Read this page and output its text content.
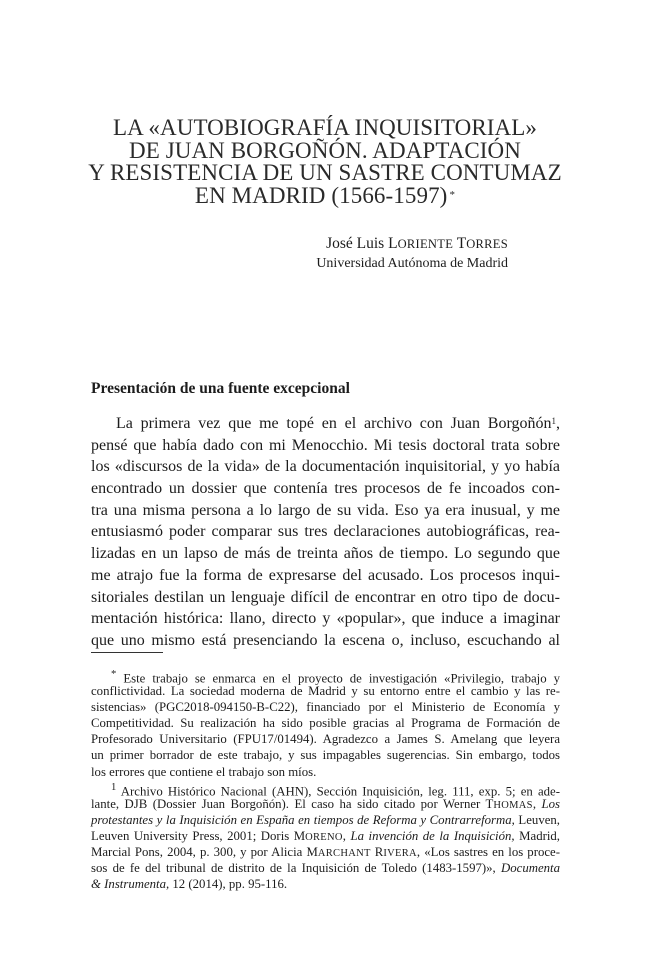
LA «AUTOBIOGRAFÍA INQUISITORIAL»
DE JUAN BORGOÑÓN. ADAPTACIÓN
Y RESISTENCIA DE UN SASTRE CONTUMAZ
EN MADRID (1566-1597) *
José Luis LORIENTE TORRES
Universidad Autónoma de Madrid
Presentación de una fuente excepcional
La primera vez que me topé en el archivo con Juan Borgoñón$^1$,
pensé que había dado con mi Menocchio. Mi tesis doctoral trata sobre
los «discursos de la vida» de la documentación inquisitorial, y yo había
encontrado un dossier que contenía tres procesos de fe incoados con-
tra una misma persona a lo largo de su vida. Eso ya era inusual, y me
entusiasmó poder comparar sus tres declaraciones autobiográficas, rea-
lizadas en un lapso de más de treinta años de tiempo. Lo segundo que
me atrajo fue la forma de expresarse del acusado. Los procesos inqui-
sitoriales destilan un lenguaje difícil de encontrar en otro tipo de docu-
mentación histórica: llano, directo y «popular», que induce a imaginar
que uno mismo está presenciando la escena o, incluso, escuchando al
* Este trabajo se enmarca en el proyecto de investigación «Privilegio, trabajo y
conflictividad. La sociedad moderna de Madrid y su entorno entre el cambio y las re-
sistencias» (PGC2018-094150-B-C22), financiado por el Ministerio de Economía y
Competitividad. Su realización ha sido posible gracias al Programa de Formación de
Profesorado Universitario (FPU17/01494). Agradezco a James S. Amelang que leyera
un primer borrador de este trabajo, y sus impagables sugerencias. Sin embargo, todos
los errores que contiene el trabajo son míos.
$^1$ Archivo Histórico Nacional (AHN), Sección Inquisición, leg. 111, exp. 5; en ade-
lante, DJB (Dossier Juan Borgoñón). El caso ha sido citado por Werner THOMAS, Los
protestantes y la Inquisición en España en tiempos de Reforma y Contrarreforma, Leuven,
Leuven University Press, 2001; Doris MORENO, La invención de la Inquisición, Madrid,
Marcial Pons, 2004, p. 300, y por Alicia MARCHANT RIVERA, «Los sastres en los proce-
sos de fe del tribunal de distrito de la Inquisición de Toledo (1483-1597)», Documenta
& Instrumenta, 12 (2014), pp. 95-116.
